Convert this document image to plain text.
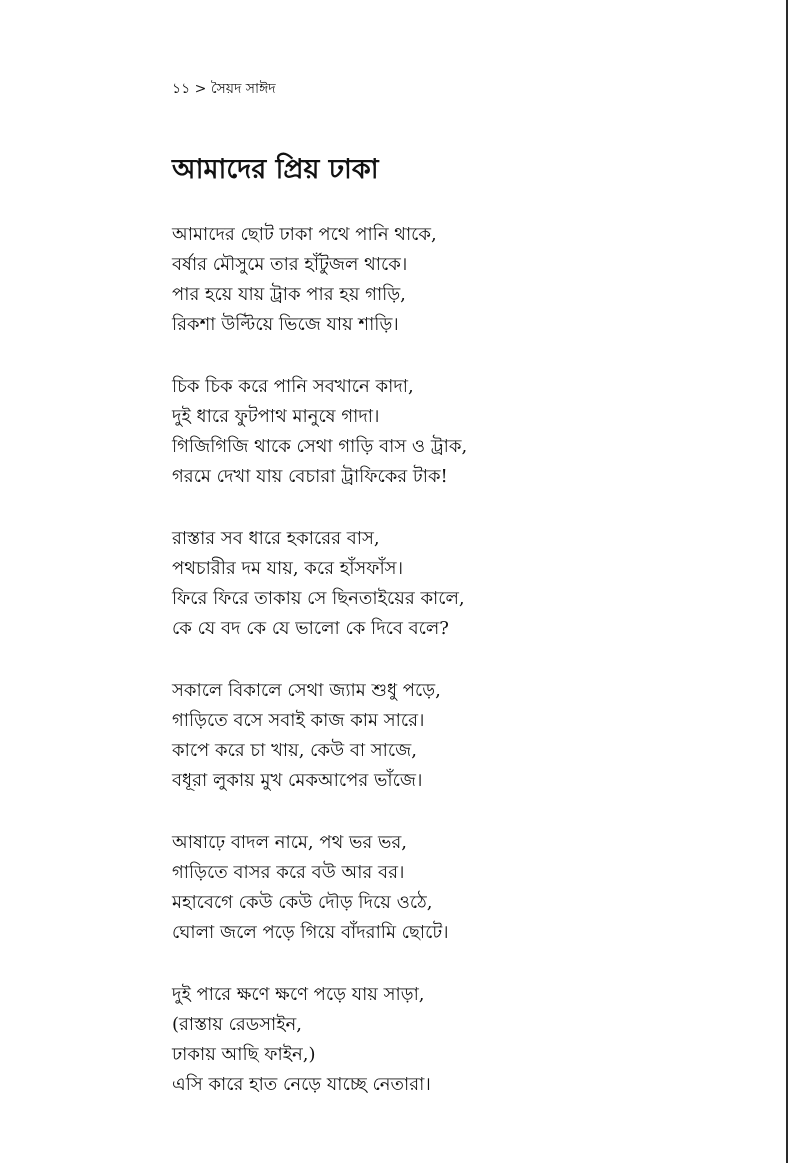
১১ > সৈয়দ সাঈদ
আমাদের প্রিয় ঢাকা
আমাদের ছোট ঢাকা পথে পানি থাকে,
বর্ষার মৌসুমে তার হাঁটুজল থাকে।
পার হয়ে যায় ট্রাক পার হয় গাড়ি,
রিকশা উল্টিয়ে ভিজে যায় শাড়ি।
চিক চিক করে পানি সবখানে কাদা,
দুই ধারে ফুটপাথ মানুষে গাদা।
গিজিগিজি থাকে সেথা গাড়ি বাস ও ট্রাক,
গরমে দেখা যায় বেচারা ট্রাফিকের টাক!
রাস্তার সব ধারে হকারের বাস,
পথচারীর দম যায়, করে হাঁসফাঁস।
ফিরে ফিরে তাকায় সে ছিনতাইয়ের কালে,
কে যে বদ কে যে ভালো কে দিবে বলে?
সকালে বিকালে সেথা জ্যাম শুধু পড়ে,
গাড়িতে বসে সবাই কাজ কাম সারে।
কাপে করে চা খায়, কেউ বা সাজে,
বধূরা লুকায় মুখ মেকআপের ভাঁজে।
আষাঢ়ে বাদল নামে, পথ ভর ভর,
গাড়িতে বাসর করে বউ আর বর।
মহাবেগে কেউ কেউ দৌড় দিয়ে ওঠে,
ঘোলা জলে পড়ে গিয়ে বাঁদরামি ছোটে।
দুই পারে ক্ষণে ক্ষণে পড়ে যায় সাড়া,
(রাস্তায় রেডসাইন,
ঢাকায় আছি ফাইন,)
এসি কারে হাত নেড়ে যাচ্ছে নেতারা।
